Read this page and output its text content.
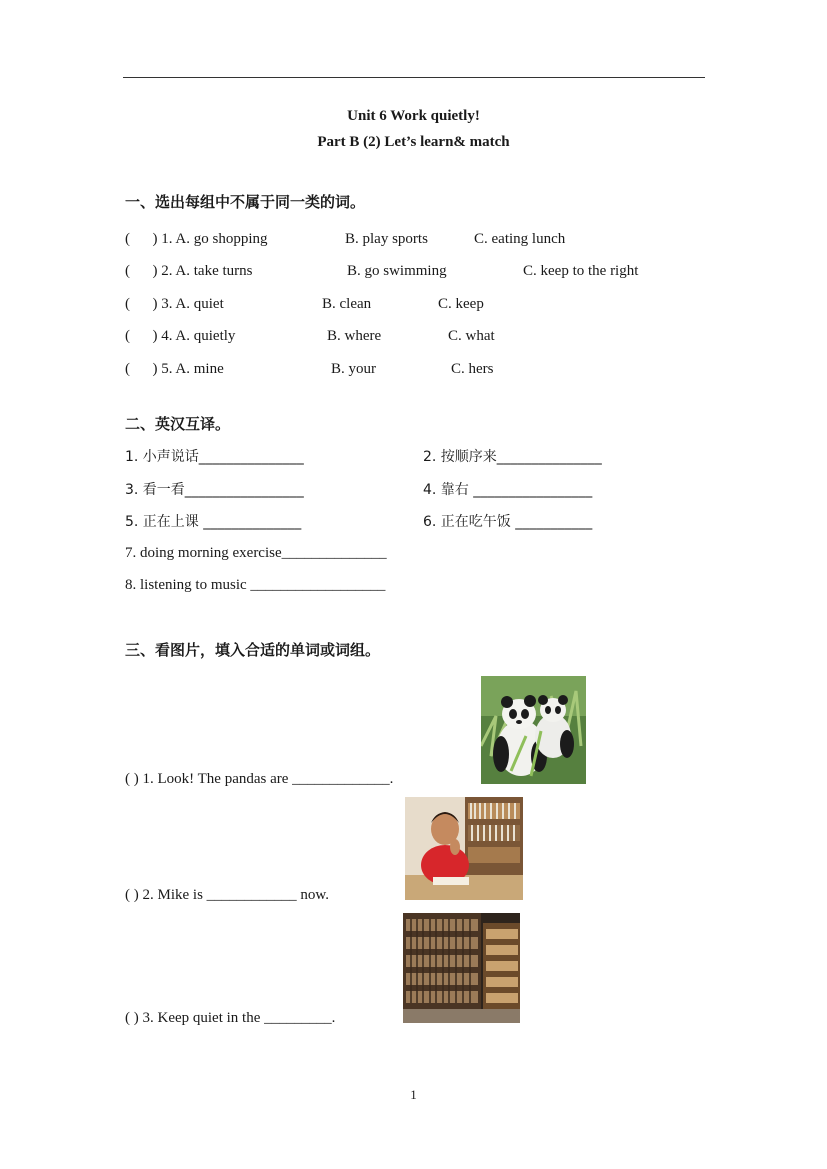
Unit 6 Work quietly!
Part B (2) Let’s learn& match
一、选出每组中不属于同一类的词。
(      ) 1. A. go shopping	B. play sports	C. eating lunch
(      ) 2. A. take turns	B. go swimming	C. keep to the right
(      ) 3. A. quiet	B. clean	C. keep
(      ) 4. A. quietly	B. where	C. what
(      ) 5. A. mine	B. your	C. hers
二、英汉互译。
1. 小声说话_______________	2. 按顺序来_______________
3. 看一看_________________	4. 靠右 _________________
5. 正在上课 ______________	6. 正在吃午饭 ___________
7. doing morning exercise______________
8. listening to music __________________
三、看图片，填入合适的单词或词组。
( ) 1. Look! The pandas are _____________.
( ) 2. Mike is ____________ now.
( ) 3. Keep quiet in the _________.
1
